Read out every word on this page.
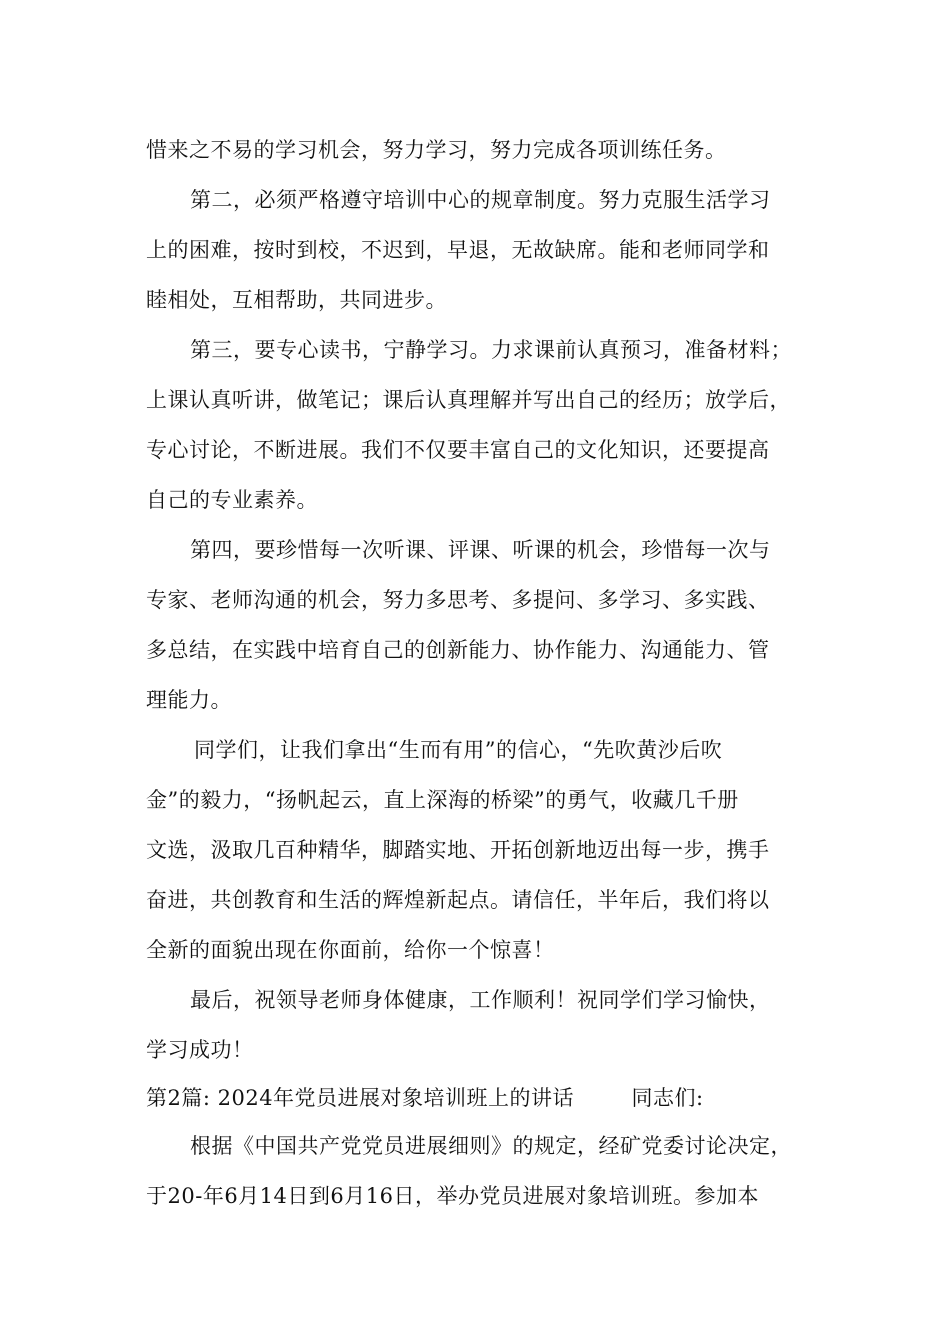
惜来之不易的学习机会，努力学习，努力完成各项训练任务。
第二，必须严格遵守培训中心的规章制度。努力克服生活学习
上的困难，按时到校，不迟到，早退，无故缺席。能和老师同学和
睦相处，互相帮助，共同进步。
第三，要专心读书，宁静学习。力求课前认真预习，准备材料；
上课认真听讲，做笔记；课后认真理解并写出自己的经历；放学后，
专心讨论，不断进展。我们不仅要丰富自己的文化知识，还要提高
自己的专业素养。
第四，要珍惜每一次听课、评课、听课的机会，珍惜每一次与
专家、老师沟通的机会，努力多思考、多提问、多学习、多实践、
多总结，在实践中培育自己的创新能力、协作能力、沟通能力、管
理能力。
同学们，让我们拿出“生而有用”的信心，“先吹黄沙后吹
金”的毅力，“扬帆起云，直上深海的桥梁”的勇气，收藏几千册
文选，汲取几百种精华，脚踏实地、开拓创新地迈出每一步，携手
奋进，共创教育和生活的辉煌新起点。请信任，半年后，我们将以
全新的面貌出现在你面前，给你一个惊喜！
最后，祝领导老师身体健康，工作顺利！祝同学们学习愉快，
学习成功！
第2篇: 2024年党员进展对象培训班上的讲话        同志们:
根据《中国共产党党员进展细则》的规定，经矿党委讨论决定，
于20-年6月14日到6月16日，举办党员进展对象培训班。参加本
